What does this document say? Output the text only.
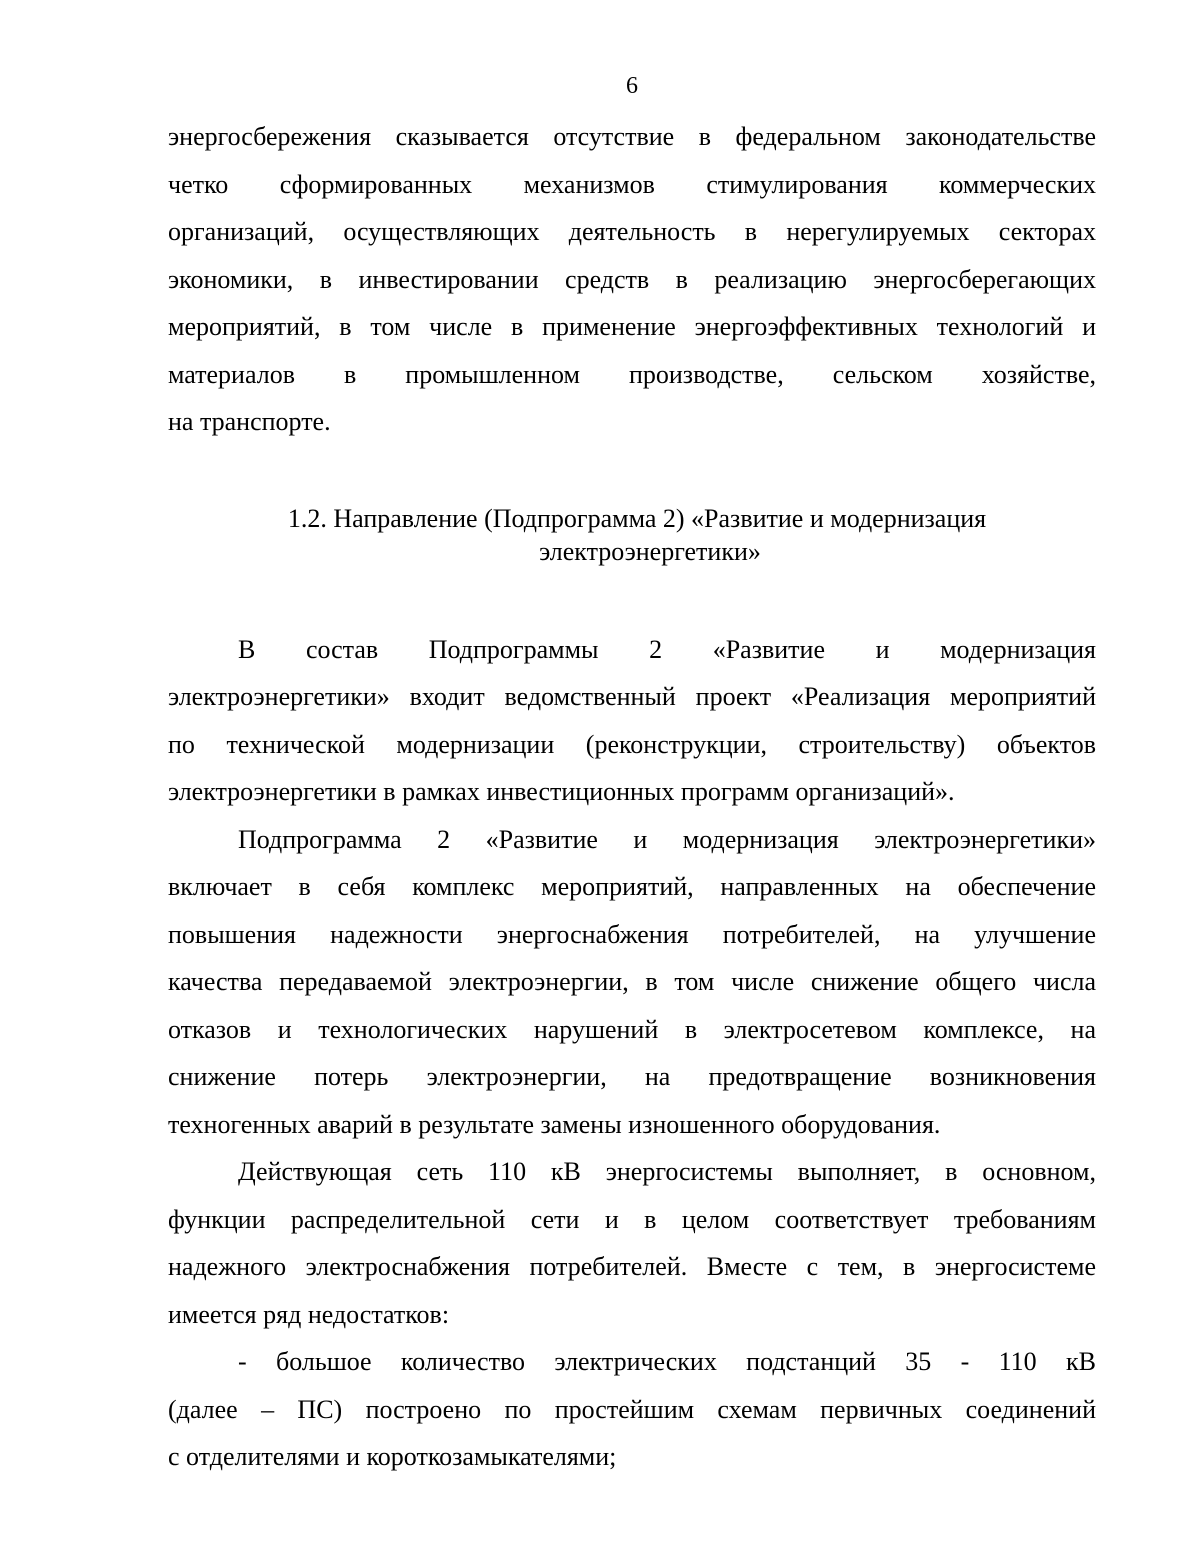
6

энергосбережения сказывается отсутствие в федеральном законодательстве
четко сформированных механизмов стимулирования коммерческих
организаций, осуществляющих деятельность в нерегулируемых секторах
экономики, в инвестировании средств в реализацию энергосберегающих
мероприятий, в том числе в применение энергоэффективных технологий и
материалов в промышленном производстве, сельском хозяйстве,
на транспорте.

1.2. Направление (Подпрограмма 2) «Развитие и модернизация
электроэнергетики»

В состав Подпрограммы 2 «Развитие и модернизация
электроэнергетики» входит ведомственный проект «Реализация мероприятий
по технической модернизации (реконструкции, строительству) объектов
электроэнергетики в рамках инвестиционных программ организаций».

Подпрограмма 2 «Развитие и модернизация электроэнергетики»
включает в себя комплекс мероприятий, направленных на обеспечение
повышения надежности энергоснабжения потребителей, на улучшение
качества передаваемой электроэнергии, в том числе снижение общего числа
отказов и технологических нарушений в электросетевом комплексе, на
снижение потерь электроэнергии, на предотвращение возникновения
техногенных аварий в результате замены изношенного оборудования.

Действующая сеть 110 кВ энергосистемы выполняет, в основном,
функции распределительной сети и в целом соответствует требованиям
надежного электроснабжения потребителей. Вместе с тем, в энергосистеме
имеется ряд недостатков:

- большое количество электрических подстанций 35 - 110 кВ
(далее – ПС) построено по простейшим схемам первичных соединений
с отделителями и короткозамыкателями;
